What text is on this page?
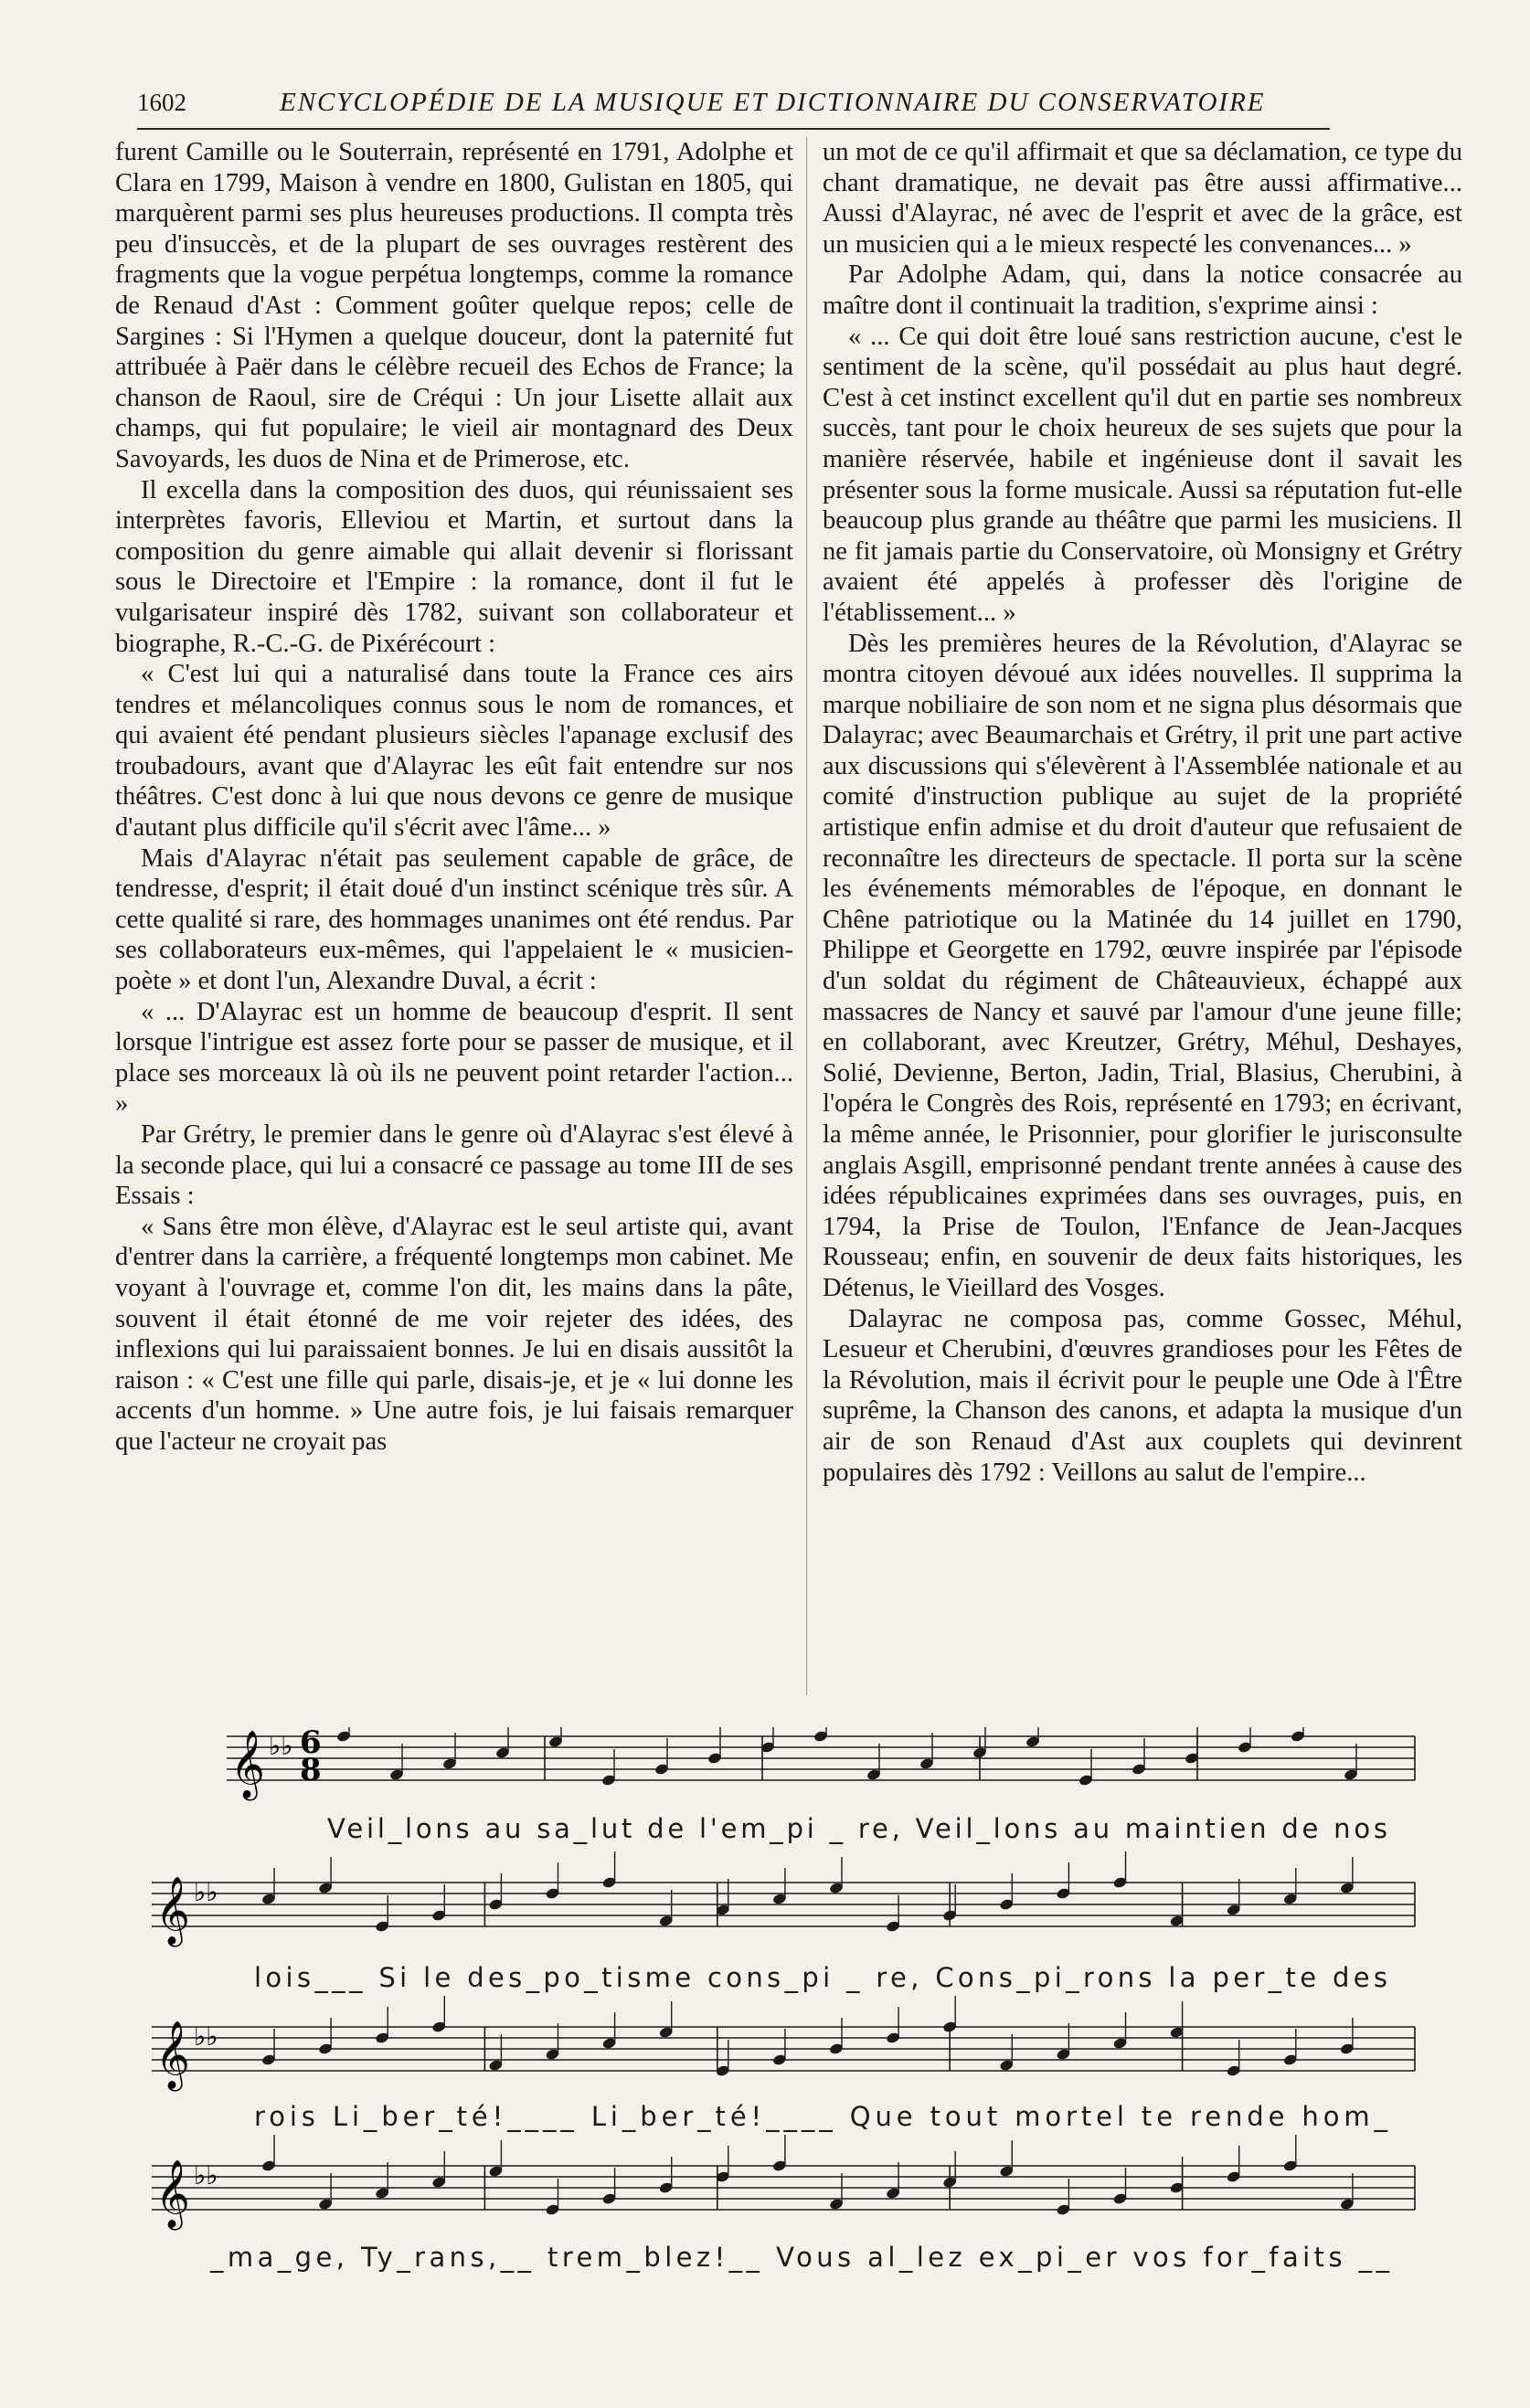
1602	ENCYCLOPÉDIE DE LA MUSIQUE ET DICTIONNAIRE DU CONSERVATOIRE

furent Camille ou le Souterrain, représenté en 1791, Adolphe et Clara en 1799, Maison à vendre en 1800, Gulistan en 1805, qui marquèrent parmi ses plus heureuses productions. Il compta très peu d'insuccès, et de la plupart de ses ouvrages restèrent des fragments que la vogue perpétua longtemps, comme la romance de Renaud d'Ast : Comment goûter quelque repos; celle de Sargines : Si l'Hymen a quelque douceur, dont la paternité fut attribuée à Paër dans le célèbre recueil des Echos de France; la chanson de Raoul, sire de Créqui : Un jour Lisette allait aux champs, qui fut populaire; le vieil air montagnard des Deux Savoyards, les duos de Nina et de Primerose, etc.

Il excella dans la composition des duos, qui réunissaient ses interprètes favoris, Elleviou et Martin, et surtout dans la composition du genre aimable qui allait devenir si florissant sous le Directoire et l'Empire : la romance, dont il fut le vulgarisateur inspiré dès 1782, suivant son collaborateur et biographe, R.-C.-G. de Pixérécourt :

« C'est lui qui a naturalisé dans toute la France ces airs tendres et mélancoliques connus sous le nom de romances, et qui avaient été pendant plusieurs siècles l'apanage exclusif des troubadours, avant que d'Alayrac les eût fait entendre sur nos théâtres. C'est donc à lui que nous devons ce genre de musique d'autant plus difficile qu'il s'écrit avec l'âme... »

Mais d'Alayrac n'était pas seulement capable de grâce, de tendresse, d'esprit; il était doué d'un instinct scénique très sûr. A cette qualité si rare, des hommages unanimes ont été rendus. Par ses collaborateurs eux-mêmes, qui l'appelaient le « musicien-poète » et dont l'un, Alexandre Duval, a écrit :

« ... D'Alayrac est un homme de beaucoup d'esprit. Il sent lorsque l'intrigue est assez forte pour se passer de musique, et il place ses morceaux là où ils ne peuvent point retarder l'action... »

Par Grétry, le premier dans le genre où d'Alayrac s'est élevé à la seconde place, qui lui a consacré ce passage au tome III de ses Essais :

« Sans être mon élève, d'Alayrac est le seul artiste qui, avant d'entrer dans la carrière, a fréquenté longtemps mon cabinet. Me voyant à l'ouvrage et, comme l'on dit, les mains dans la pâte, souvent il était étonné de me voir rejeter des idées, des inflexions qui lui paraissaient bonnes. Je lui en disais aussitôt la raison : « C'est une fille qui parle, disais-je, et je « lui donne les accents d'un homme. » Une autre fois, je lui faisais remarquer que l'acteur ne croyait pas

un mot de ce qu'il affirmait et que sa déclamation, ce type du chant dramatique, ne devait pas être aussi affirmative... Aussi d'Alayrac, né avec de l'esprit et avec de la grâce, est un musicien qui a le mieux respecté les convenances... »

Par Adolphe Adam, qui, dans la notice consacrée au maître dont il continuait la tradition, s'exprime ainsi :

« ... Ce qui doit être loué sans restriction aucune, c'est le sentiment de la scène, qu'il possédait au plus haut degré. C'est à cet instinct excellent qu'il dut en partie ses nombreux succès, tant pour le choix heureux de ses sujets que pour la manière réservée, habile et ingénieuse dont il savait les présenter sous la forme musicale. Aussi sa réputation fut-elle beaucoup plus grande au théâtre que parmi les musiciens. Il ne fit jamais partie du Conservatoire, où Monsigny et Grétry avaient été appelés à professer dès l'origine de l'établissement... »

Dès les premières heures de la Révolution, d'Alayrac se montra citoyen dévoué aux idées nouvelles. Il supprima la marque nobiliaire de son nom et ne signa plus désormais que Dalayrac; avec Beaumarchais et Grétry, il prit une part active aux discussions qui s'élevèrent à l'Assemblée nationale et au comité d'instruction publique au sujet de la propriété artistique enfin admise et du droit d'auteur que refusaient de reconnaître les directeurs de spectacle. Il porta sur la scène les événements mémorables de l'époque, en donnant le Chêne patriotique ou la Matinée du 14 juillet en 1790, Philippe et Georgette en 1792, œuvre inspirée par l'épisode d'un soldat du régiment de Châteauvieux, échappé aux massacres de Nancy et sauvé par l'amour d'une jeune fille; en collaborant, avec Kreutzer, Grétry, Méhul, Deshayes, Solié, Devienne, Berton, Jadin, Trial, Blasius, Cherubini, à l'opéra le Congrès des Rois, représenté en 1793; en écrivant, la même année, le Prisonnier, pour glorifier le jurisconsulte anglais Asgill, emprisonné pendant trente années à cause des idées républicaines exprimées dans ses ouvrages, puis, en 1794, la Prise de Toulon, l'Enfance de Jean-Jacques Rousseau; enfin, en souvenir de deux faits historiques, les Détenus, le Vieillard des Vosges.

Dalayrac ne composa pas, comme Gossec, Méhul, Lesueur et Cherubini, d'œuvres grandioses pour les Fêtes de la Révolution, mais il écrivit pour le peuple une Ode à l'Être suprême, la Chanson des canons, et adapta la musique d'un air de son Renaud d'Ast aux couplets qui devinrent populaires dès 1792 : Veillons au salut de l'empire...

𝄞 ♭♭
𝄞 ♭♭
𝄞 ♭♭
𝄞 ♭♭
6
8
Veil_lons au sa_lut de l'em_pi _ re, Veil_lons au maintien de nos
lois___ Si le des_po_tisme cons_pi _ re, Cons_pi_rons la per_te des
rois Li_ber_té!____ Li_ber_té!____ Que tout mortel te rende hom_
_ma_ge, Ty_rans,__ trem_blez!__ Vous al_lez ex_pi_er vos for_faits __
